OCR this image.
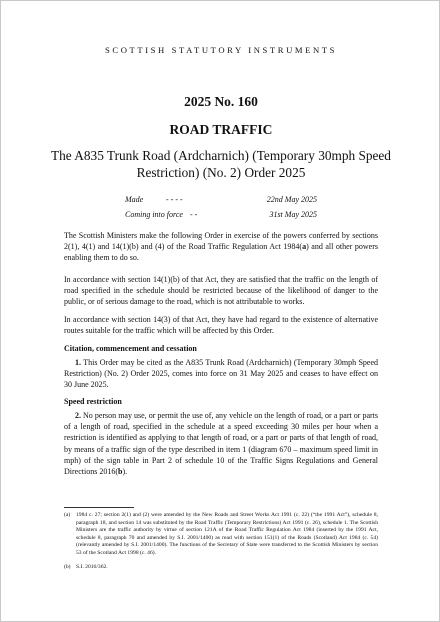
SCOTTISH STATUTORY INSTRUMENTS
2025 No. 160
ROAD TRAFFIC
The A835 Trunk Road (Ardcharnich) (Temporary 30mph Speed Restriction) (No. 2) Order 2025
Made	- - - -	22nd May 2025
Coming into force - -	31st May 2025
The Scottish Ministers make the following Order in exercise of the powers conferred by sections 2(1), 4(1) and 14(1)(b) and (4) of the Road Traffic Regulation Act 1984(a) and all other powers enabling them to do so.
In accordance with section 14(1)(b) of that Act, they are satisfied that the traffic on the length of road specified in the schedule should be restricted because of the likelihood of danger to the public, or of serious damage to the road, which is not attributable to works.
In accordance with section 14(3) of that Act, they have had regard to the existence of alternative routes suitable for the traffic which will be affected by this Order.
Citation, commencement and cessation
1. This Order may be cited as the A835 Trunk Road (Ardcharnich) (Temporary 30mph Speed Restriction) (No. 2) Order 2025, comes into force on 31 May 2025 and ceases to have effect on 30 June 2025.
Speed restriction
2. No person may use, or permit the use of, any vehicle on the length of road, or a part or parts of a length of road, specified in the schedule at a speed exceeding 30 miles per hour when a restriction is identified as applying to that length of road, or a part or parts of that length of road, by means of a traffic sign of the type described in item 1 (diagram 670 – maximum speed limit in mph) of the sign table in Part 2 of schedule 10 of the Traffic Signs Regulations and General Directions 2016(b).
(a) 1984 c. 27; section 2(1) and (2) were amended by the New Roads and Street Works Act 1991 (c. 22) (“the 1991 Act”), schedule 8, paragraph 18, and section 14 was substituted by the Road Traffic (Temporary Restrictions) Act 1991 (c. 26), schedule 1. The Scottish Ministers are the traffic authority by virtue of section 121A of the Road Traffic Regulation Act 1984 (inserted by the 1991 Act, schedule 8, paragraph 70 and amended by S.I. 2001/1400) as read with section 151(1) of the Roads (Scotland) Act 1984 (c. 54) (relevantly amended by S.I. 2001/1400). The functions of the Secretary of State were transferred to the Scottish Ministers by section 53 of the Scotland Act 1998 (c. 46).
(b) S.I. 2016/362.
